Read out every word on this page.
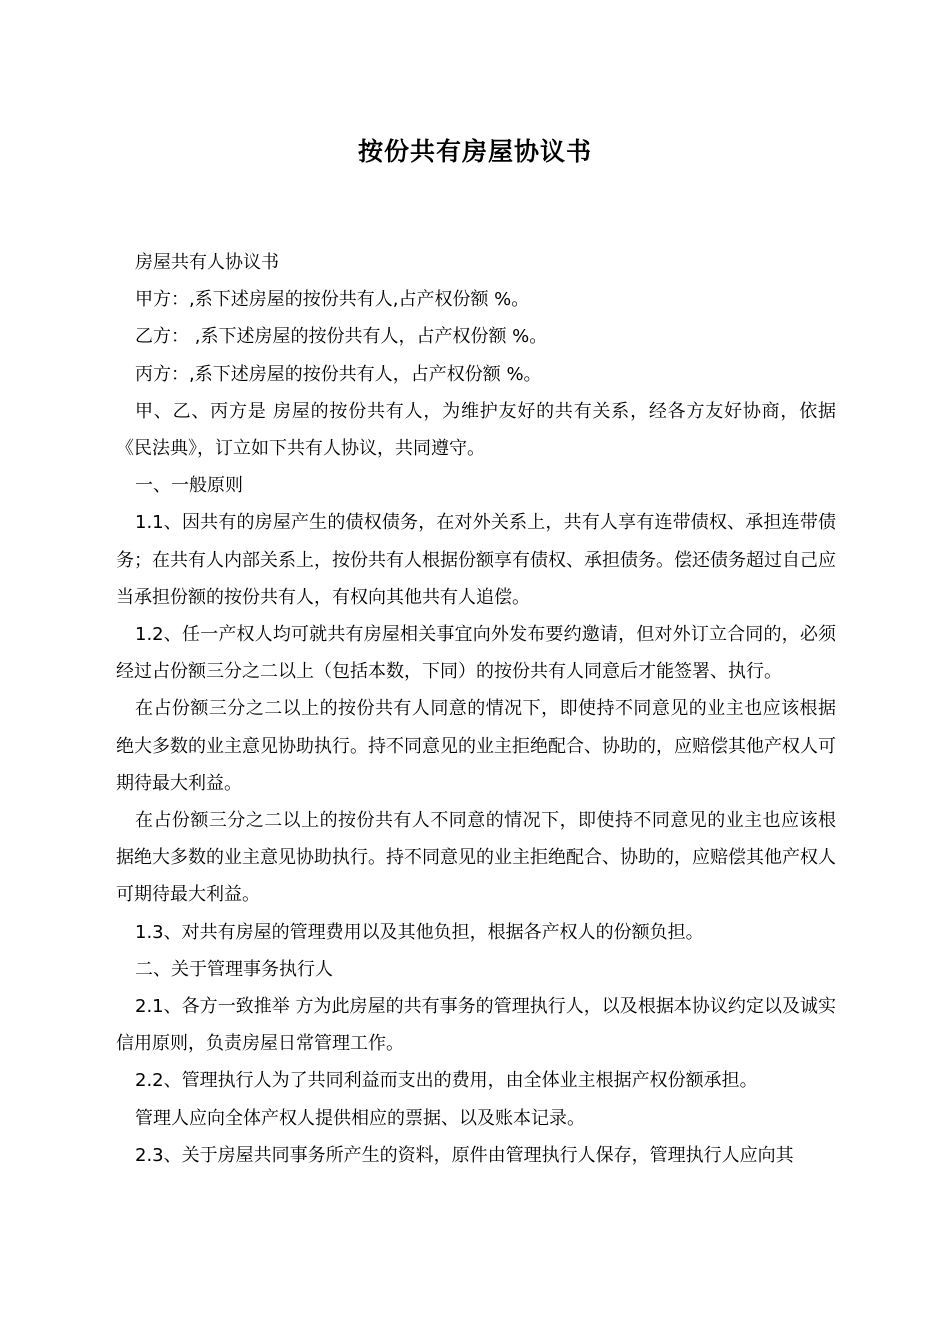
按份共有房屋协议书

房屋共有人协议书

甲方：,系下述房屋的按份共有人,占产权份额 %。

乙方： ,系下述房屋的按份共有人，占产权份额 %。

丙方：,系下述房屋的按份共有人，占产权份额 %。

甲、乙、丙方是 房屋的按份共有人，为维护友好的共有关系，经各方友好协商，依据《民法典》，订立如下共有人协议，共同遵守。

一、一般原则

1.1、因共有的房屋产生的债权债务，在对外关系上，共有人享有连带债权、承担连带债务；在共有人内部关系上，按份共有人根据份额享有债权、承担债务。偿还债务超过自己应当承担份额的按份共有人，有权向其他共有人追偿。

1.2、任一产权人均可就共有房屋相关事宜向外发布要约邀请，但对外订立合同的，必须经过占份额三分之二以上（包括本数，下同）的按份共有人同意后才能签署、执行。

在占份额三分之二以上的按份共有人同意的情况下，即使持不同意见的业主也应该根据绝大多数的业主意见协助执行。持不同意见的业主拒绝配合、协助的，应赔偿其他产权人可期待最大利益。

在占份额三分之二以上的按份共有人不同意的情况下，即使持不同意见的业主也应该根据绝大多数的业主意见协助执行。持不同意见的业主拒绝配合、协助的，应赔偿其他产权人可期待最大利益。

1.3、对共有房屋的管理费用以及其他负担，根据各产权人的份额负担。

二、关于管理事务执行人

2.1、各方一致推举 方为此房屋的共有事务的管理执行人，以及根据本协议约定以及诚实信用原则，负责房屋日常管理工作。

2.2、管理执行人为了共同利益而支出的费用，由全体业主根据产权份额承担。

管理人应向全体产权人提供相应的票据、以及账本记录。

2.3、关于房屋共同事务所产生的资料，原件由管理执行人保存，管理执行人应向其
